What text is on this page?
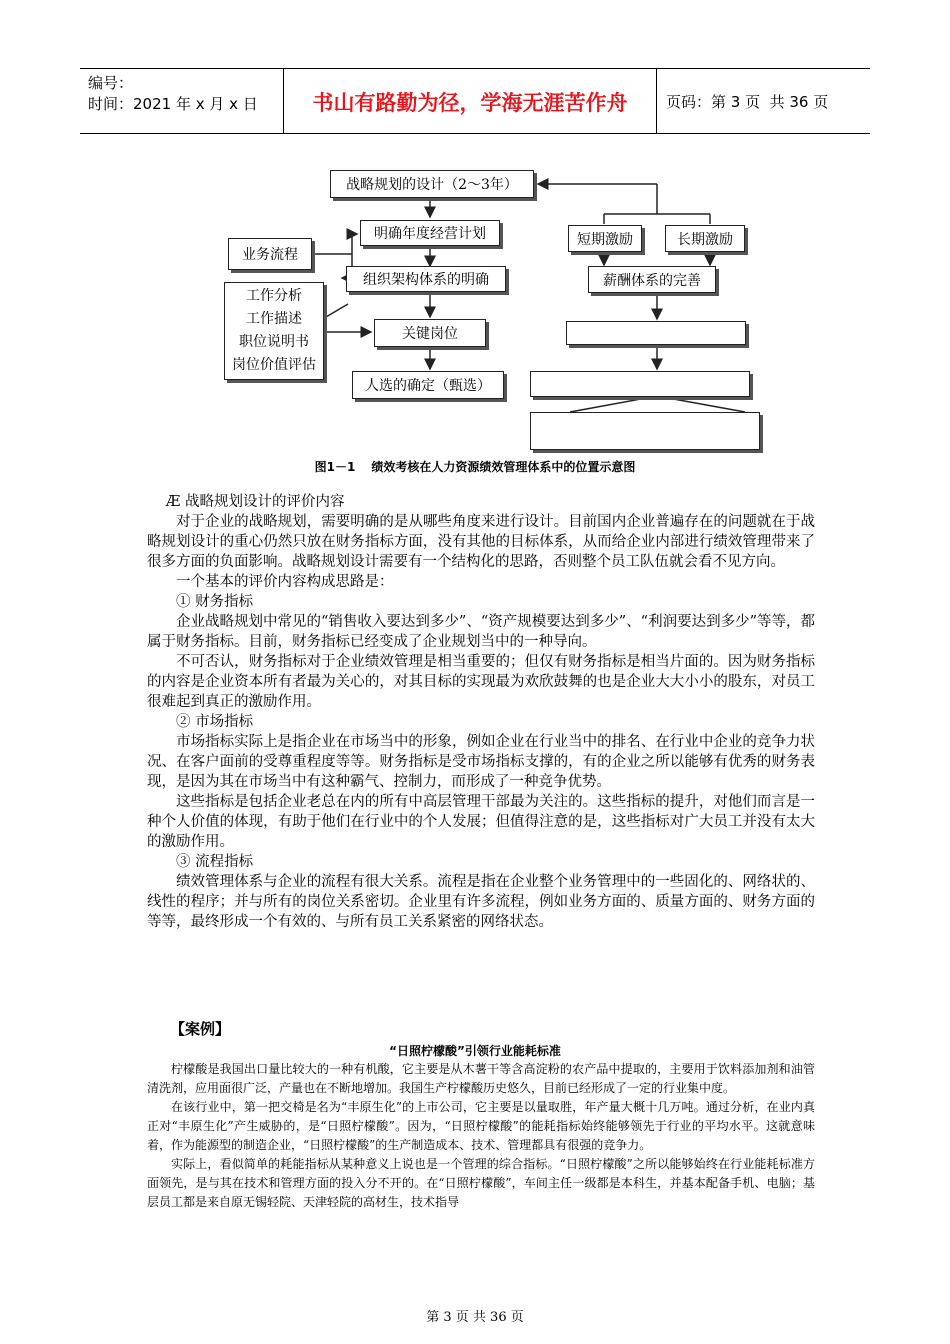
编号：
时间：2021 年 x 月 x 日	书山有路勤为径，学海无涯苦作舟	页码：第 3 页  共 36 页
战略规划的设计（2～3年）
明确年度经营计划
业务流程
组织架构体系的明确
工作分析
工作描述
职位说明书
岗位价值评估
关键岗位
人选的确定（甄选）
短期激励	长期激励
薪酬体系的完善
图1－1 绩效考核在人力资源绩效管理体系中的位置示意图

Æ 战略规划设计的评价内容

对于企业的战略规划，需要明确的是从哪些角度来进行设计。目前国内企业普遍存在的问题就在于战略规划设计的重心仍然只放在财务指标方面，没有其他的目标体系，从而给企业内部进行绩效管理带来了很多方面的负面影响。战略规划设计需要有一个结构化的思路，否则整个员工队伍就会看不见方向。

一个基本的评价内容构成思路是：

① 财务指标

企业战略规划中常见的“销售收入要达到多少”、“资产规模要达到多少”、“利润要达到多少”等等，都属于财务指标。目前，财务指标已经变成了企业规划当中的一种导向。

不可否认，财务指标对于企业绩效管理是相当重要的；但仅有财务指标是相当片面的。因为财务指标的内容是企业资本所有者最为关心的，对其目标的实现最为欢欣鼓舞的也是企业大大小小的股东，对员工很难起到真正的激励作用。

② 市场指标

市场指标实际上是指企业在市场当中的形象，例如企业在行业当中的排名、在行业中企业的竞争力状况、在客户面前的受尊重程度等等。财务指标是受市场指标支撑的，有的企业之所以能够有优秀的财务表现，是因为其在市场当中有这种霸气、控制力，而形成了一种竞争优势。

这些指标是包括企业老总在内的所有中高层管理干部最为关注的。这些指标的提升，对他们而言是一种个人价值的体现，有助于他们在行业中的个人发展；但值得注意的是，这些指标对广大员工并没有太大的激励作用。

③ 流程指标

绩效管理体系与企业的流程有很大关系。流程是指在企业整个业务管理中的一些固化的、网络状的、线性的程序；并与所有的岗位关系密切。企业里有许多流程，例如业务方面的、质量方面的、财务方面的等等，最终形成一个有效的、与所有员工关系紧密的网络状态。

【案例】
“日照柠檬酸”引领行业能耗标准

柠檬酸是我国出口量比较大的一种有机酸，它主要是从木薯干等含高淀粉的农产品中提取的，主要用于饮料添加剂和油管清洗剂，应用面很广泛，产量也在不断地增加。我国生产柠檬酸历史悠久，目前已经形成了一定的行业集中度。

在该行业中，第一把交椅是名为“丰原生化”的上市公司，它主要是以量取胜，年产量大概十几万吨。通过分析，在业内真正对“丰原生化”产生威胁的，是“日照柠檬酸”。因为，“日照柠檬酸”的能耗指标始终能够领先于行业的平均水平。这就意味着，作为能源型的制造企业，“日照柠檬酸”的生产制造成本、技术、管理都具有很强的竞争力。

实际上，看似简单的耗能指标从某种意义上说也是一个管理的综合指标。“日照柠檬酸”之所以能够始终在行业能耗标准方面领先，是与其在技术和管理方面的投入分不开的。在“日照柠檬酸”，车间主任一级都是本科生，并基本配备手机、电脑；基层员工都是来自原无锡轻院、天津轻院的高材生，技术指导

第 3 页 共 36 页
